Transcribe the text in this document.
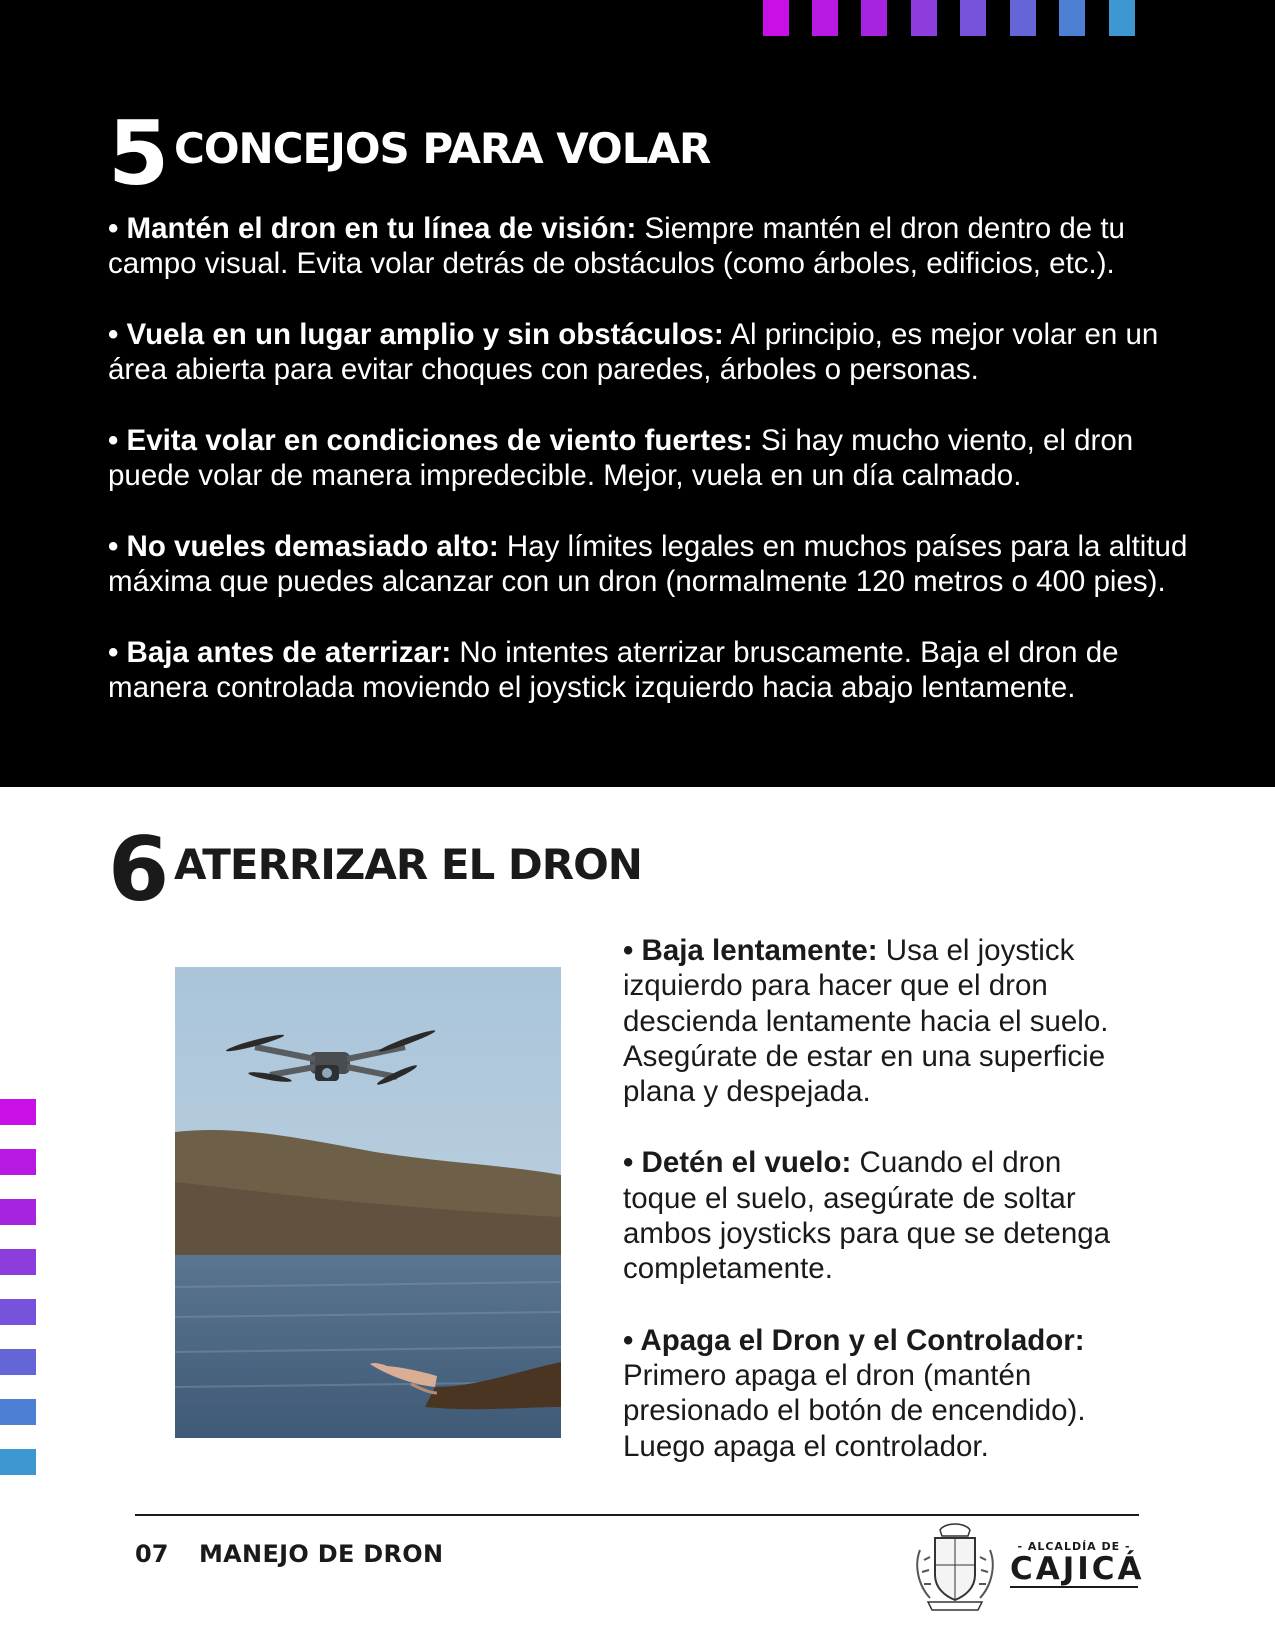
5 CONCEJOS PARA VOLAR

• Mantén el dron en tu línea de visión: Siempre mantén el dron dentro de tu campo visual. Evita volar detrás de obstáculos (como árboles, edificios, etc.).

• Vuela en un lugar amplio y sin obstáculos: Al principio, es mejor volar en un área abierta para evitar choques con paredes, árboles o personas.

• Evita volar en condiciones de viento fuertes: Si hay mucho viento, el dron puede volar de manera impredecible. Mejor, vuela en un día calmado.

• No vueles demasiado alto: Hay límites legales en muchos países para la altitud máxima que puedes alcanzar con un dron (normalmente 120 metros o 400 pies).

• Baja antes de aterrizar: No intentes aterrizar bruscamente. Baja el dron de manera controlada moviendo el joystick izquierdo hacia abajo lentamente.

6 ATERRIZAR EL DRON

• Baja lentamente: Usa el joystick izquierdo para hacer que el dron descienda lentamente hacia el suelo. Asegúrate de estar en una superficie plana y despejada.

• Detén el vuelo: Cuando el dron toque el suelo, asegúrate de soltar ambos joysticks para que se detenga completamente.

• Apaga el Dron y el Controlador: Primero apaga el dron (mantén presionado el botón de encendido). Luego apaga el controlador.

07 MANEJO DE DRON	- ALCALDÍA DE -
CAJICÁ
